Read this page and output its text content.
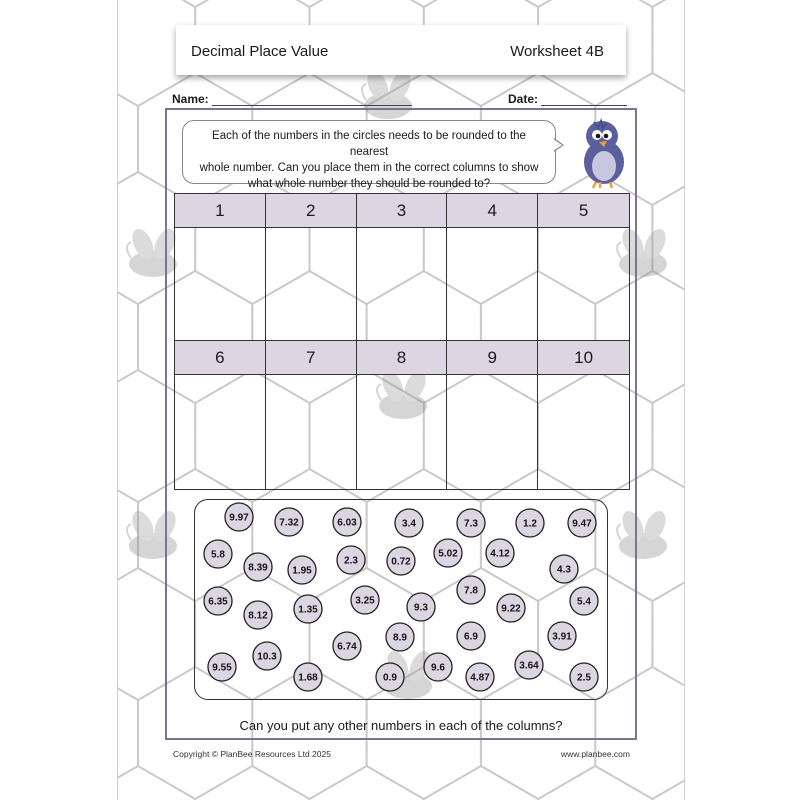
Decimal Place Value	Worksheet 4B
Name:	Date:
Each of the numbers in the circles needs to be rounded to the nearest
whole number. Can you place them in the correct columns to show
what whole number they should be rounded to?
1	2	3	4	5
6	7	8	9	10
9.97	7.32	6.03	3.4	7.3	1.2	9.47
5.8
8.39 1.95
2.3	0.72
5.02	4.12
4.3
6.35
8.12
1.35
3.25
9.3
7.8
9.22
5.4
6.74
8.9	6.9	3.91
9.55
10.3
1.68	0.9
9.6
4.87
3.64
2.5
Can you put any other numbers in each of the columns?
Copyright © PlanBee Resources Ltd 2025	www.planbee.com
